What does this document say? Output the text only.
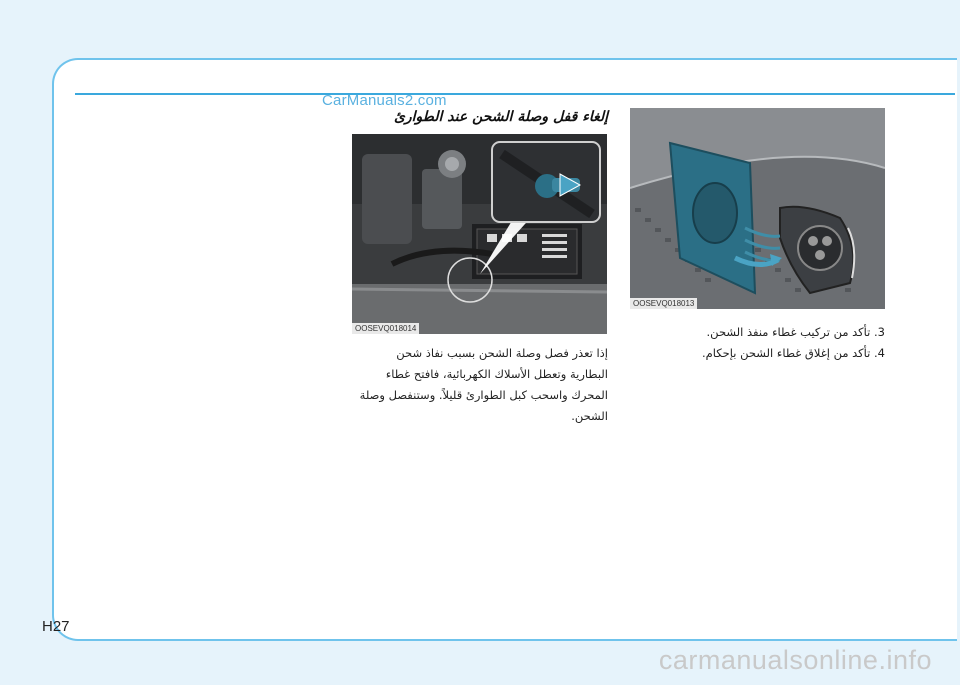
CarManuals2.com
إلغاء قفل وصلة الشحن عند الطوارئ
OOSEVQ018014
OOSEVQ018013
إذا تعذر فصل وصلة الشحن بسبب نفاذ شحن
البطارية وتعطل الأسلاك الكهربائية، فافتح غطاء
المحرك واسحب كبل الطوارئ قليلاً. وستنفصل وصلة
الشحن.
3. تأكد من تركيب غطاء منفذ الشحن.
4. تأكد من إغلاق غطاء الشحن بإحكام.
H27
carmanualsonline.info
